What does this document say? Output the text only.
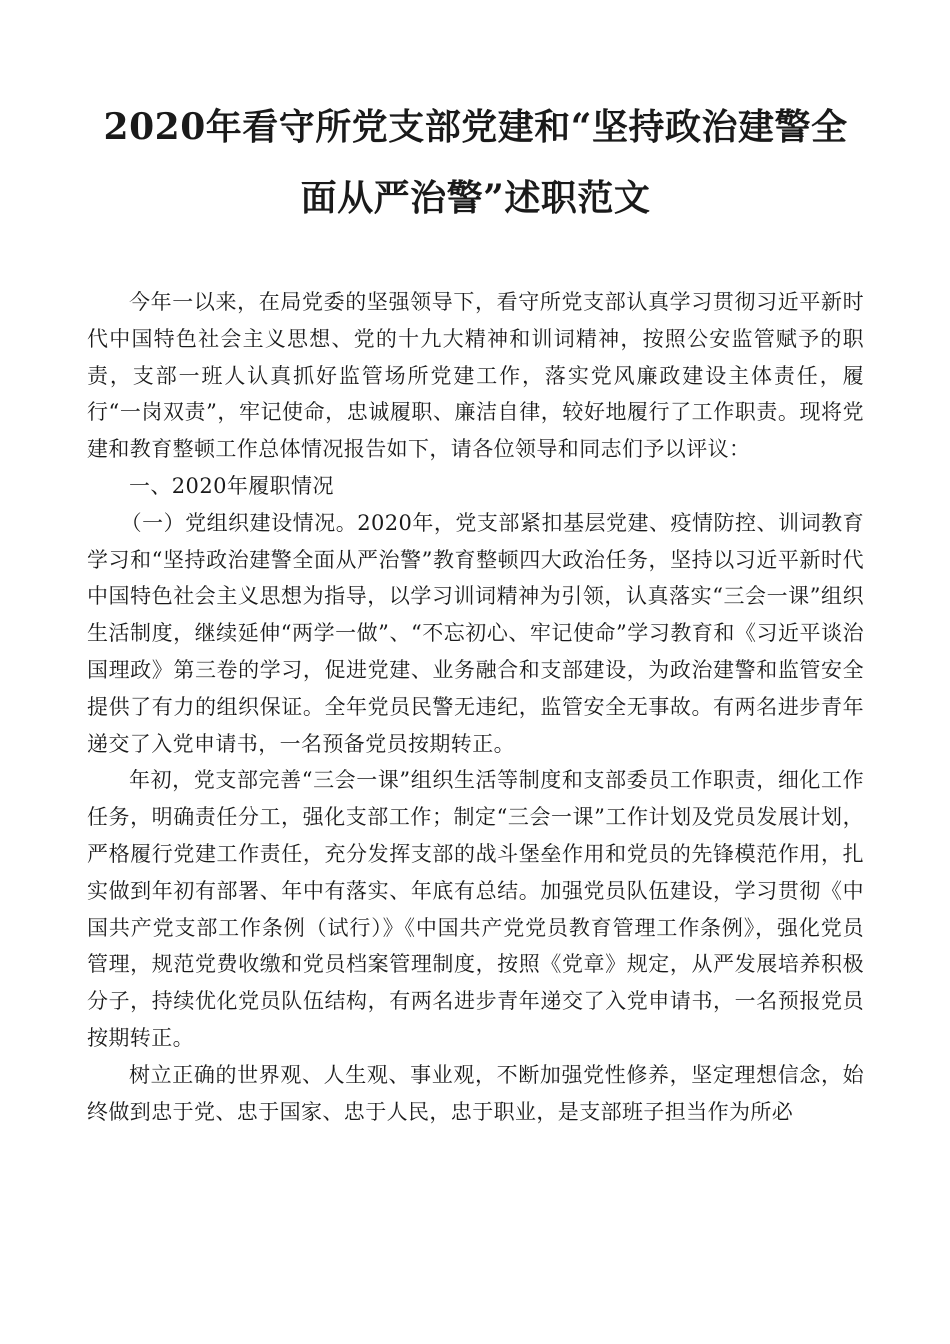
2020年看守所党支部党建和“坚持政治建警全
面从严治警”述职范文

今年一以来，在局党委的坚强领导下，看守所党支部认真学习贯彻习近平新时代中国特色社会主义思想、党的十九大精神和训词精神，按照公安监管赋予的职责，支部一班人认真抓好监管场所党建工作，落实党风廉政建设主体责任，履行“一岗双责”，牢记使命，忠诚履职、廉洁自律，较好地履行了工作职责。现将党建和教育整顿工作总体情况报告如下，请各位领导和同志们予以评议：

一、2020年履职情况

（一）党组织建设情况。2020年，党支部紧扣基层党建、疫情防控、训词教育学习和“坚持政治建警全面从严治警”教育整顿四大政治任务，坚持以习近平新时代中国特色社会主义思想为指导，以学习训词精神为引领，认真落实“三会一课”组织生活制度，继续延伸“两学一做”、“不忘初心、牢记使命”学习教育和《习近平谈治国理政》第三卷的学习，促进党建、业务融合和支部建设，为政治建警和监管安全提供了有力的组织保证。全年党员民警无违纪，监管安全无事故。有两名进步青年递交了入党申请书，一名预备党员按期转正。

年初，党支部完善“三会一课”组织生活等制度和支部委员工作职责，细化工作任务，明确责任分工，强化支部工作；制定“三会一课”工作计划及党员发展计划，严格履行党建工作责任，充分发挥支部的战斗堡垒作用和党员的先锋模范作用，扎实做到年初有部署、年中有落实、年底有总结。加强党员队伍建设，学习贯彻《中国共产党支部工作条例（试行）》《中国共产党党员教育管理工作条例》，强化党员管理，规范党费收缴和党员档案管理制度，按照《党章》规定，从严发展培养积极分子，持续优化党员队伍结构，有两名进步青年递交了入党申请书，一名预报党员按期转正。

树立正确的世界观、人生观、事业观，不断加强党性修养，坚定理想信念，始终做到忠于党、忠于国家、忠于人民，忠于职业，是支部班子担当作为所必
